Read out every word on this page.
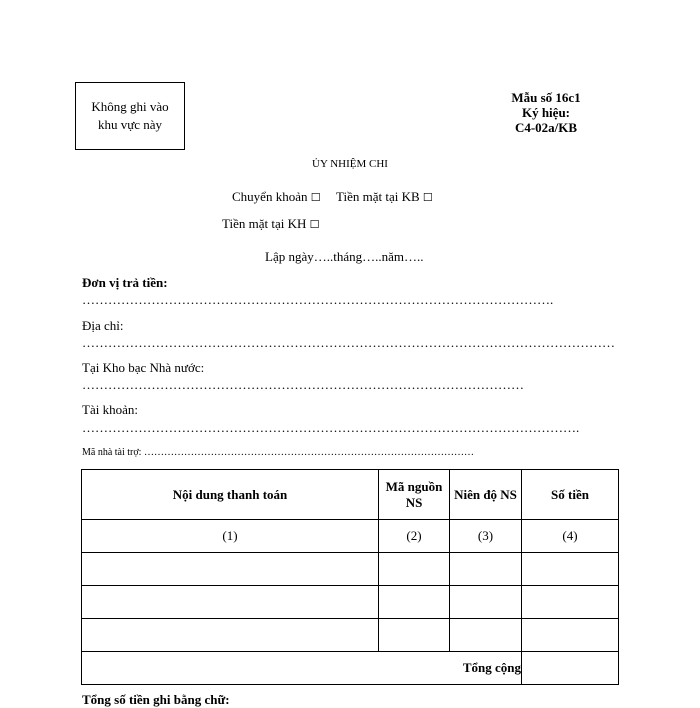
Không ghi vào
khu vực này
Mẫu số 16c1
Ký hiệu:
C4-02a/KB
ỦY NHIỆM CHI
Chuyển khoản ☐ Tiền mặt tại KB ☐
Tiền mặt tại KH ☐
Lập ngày…..tháng…..năm…..
Đơn vị trả tiền:
……………………………………………………………………………………………….
Địa chỉ:
……………………………………………………………………………………………………………
Tại Kho bạc Nhà nước:
…………………………………………………………………………………………
Tài khoản:
…………………………………………………………………………………………………….
Mã nhà tài trợ: ………………………………………………………………………………………
Nội dung thanh toán	Mã nguồn NS	Niên độ NS	Số tiền
(1)	(2)	(3)	(4)

Tổng cộng			
Tổng số tiền ghi bằng chữ:
